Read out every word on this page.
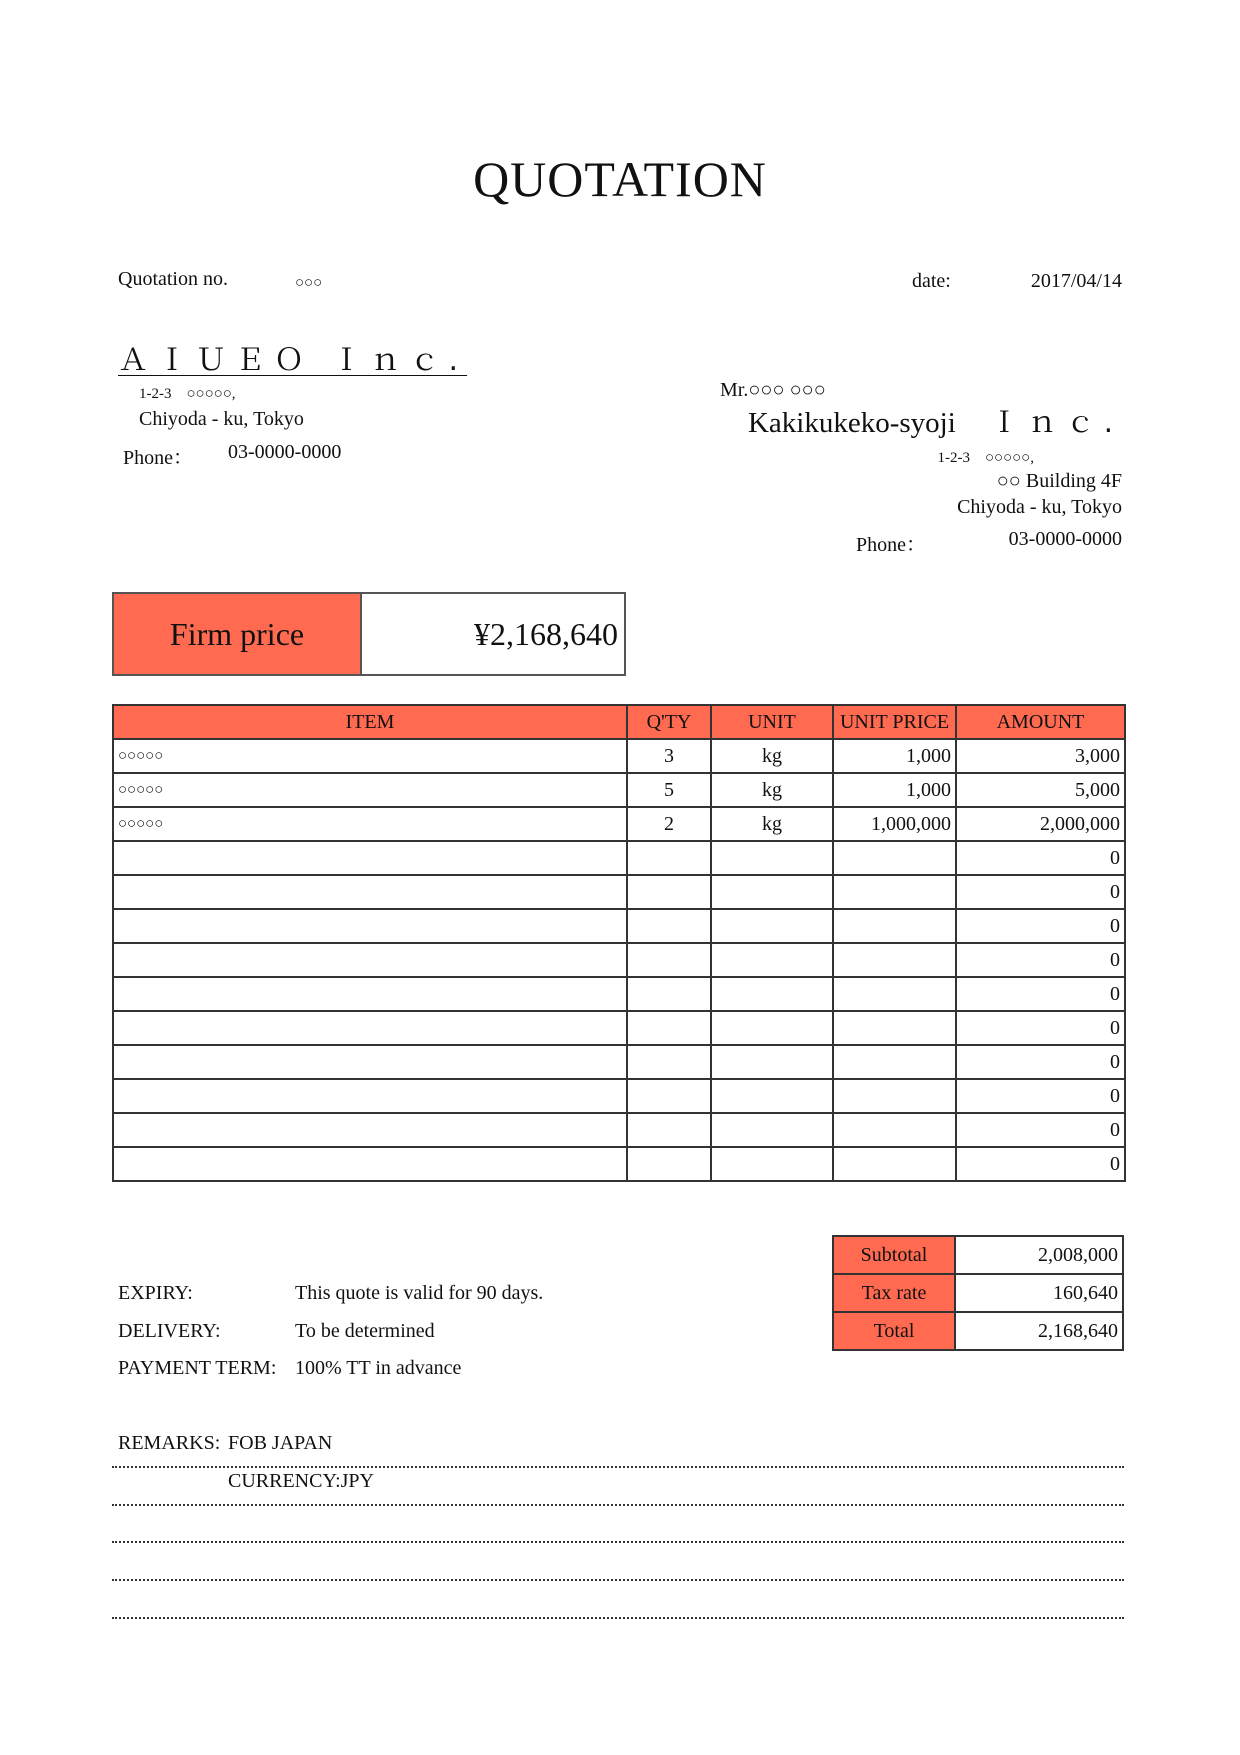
QUOTATION
Quotation no.	○○○	date:	2017/04/14
ＡＩＵＥＯ Ｉｎｃ.
1-2-3　○○○○○,
Chiyoda - ku, Tokyo
Phone： 03-0000-0000
Mr.○○○ ○○○
Kakikukeko-syoji Ｉｎｃ.
1-2-3　○○○○○,
○○ Building 4F
Chiyoda - ku, Tokyo
Phone：	03-0000-0000
Firm price	¥2,168,640
ITEM	Q'TY	UNIT	UNIT PRICE	AMOUNT
○○○○○	3	kg	1,000	3,000
○○○○○	5	kg	1,000	5,000
○○○○○	2	kg	1,000,000	2,000,000
				0
				0
				0
				0
				0
				0
				0
				0
				0
				0
Subtotal	2,008,000
Tax rate	160,640
Total	2,168,640
EXPIRY:	This quote is valid for 90 days.
DELIVERY:	To be determined
PAYMENT TERM: 100% TT in advance
REMARKS: FOB JAPAN
CURRENCY:JPY
